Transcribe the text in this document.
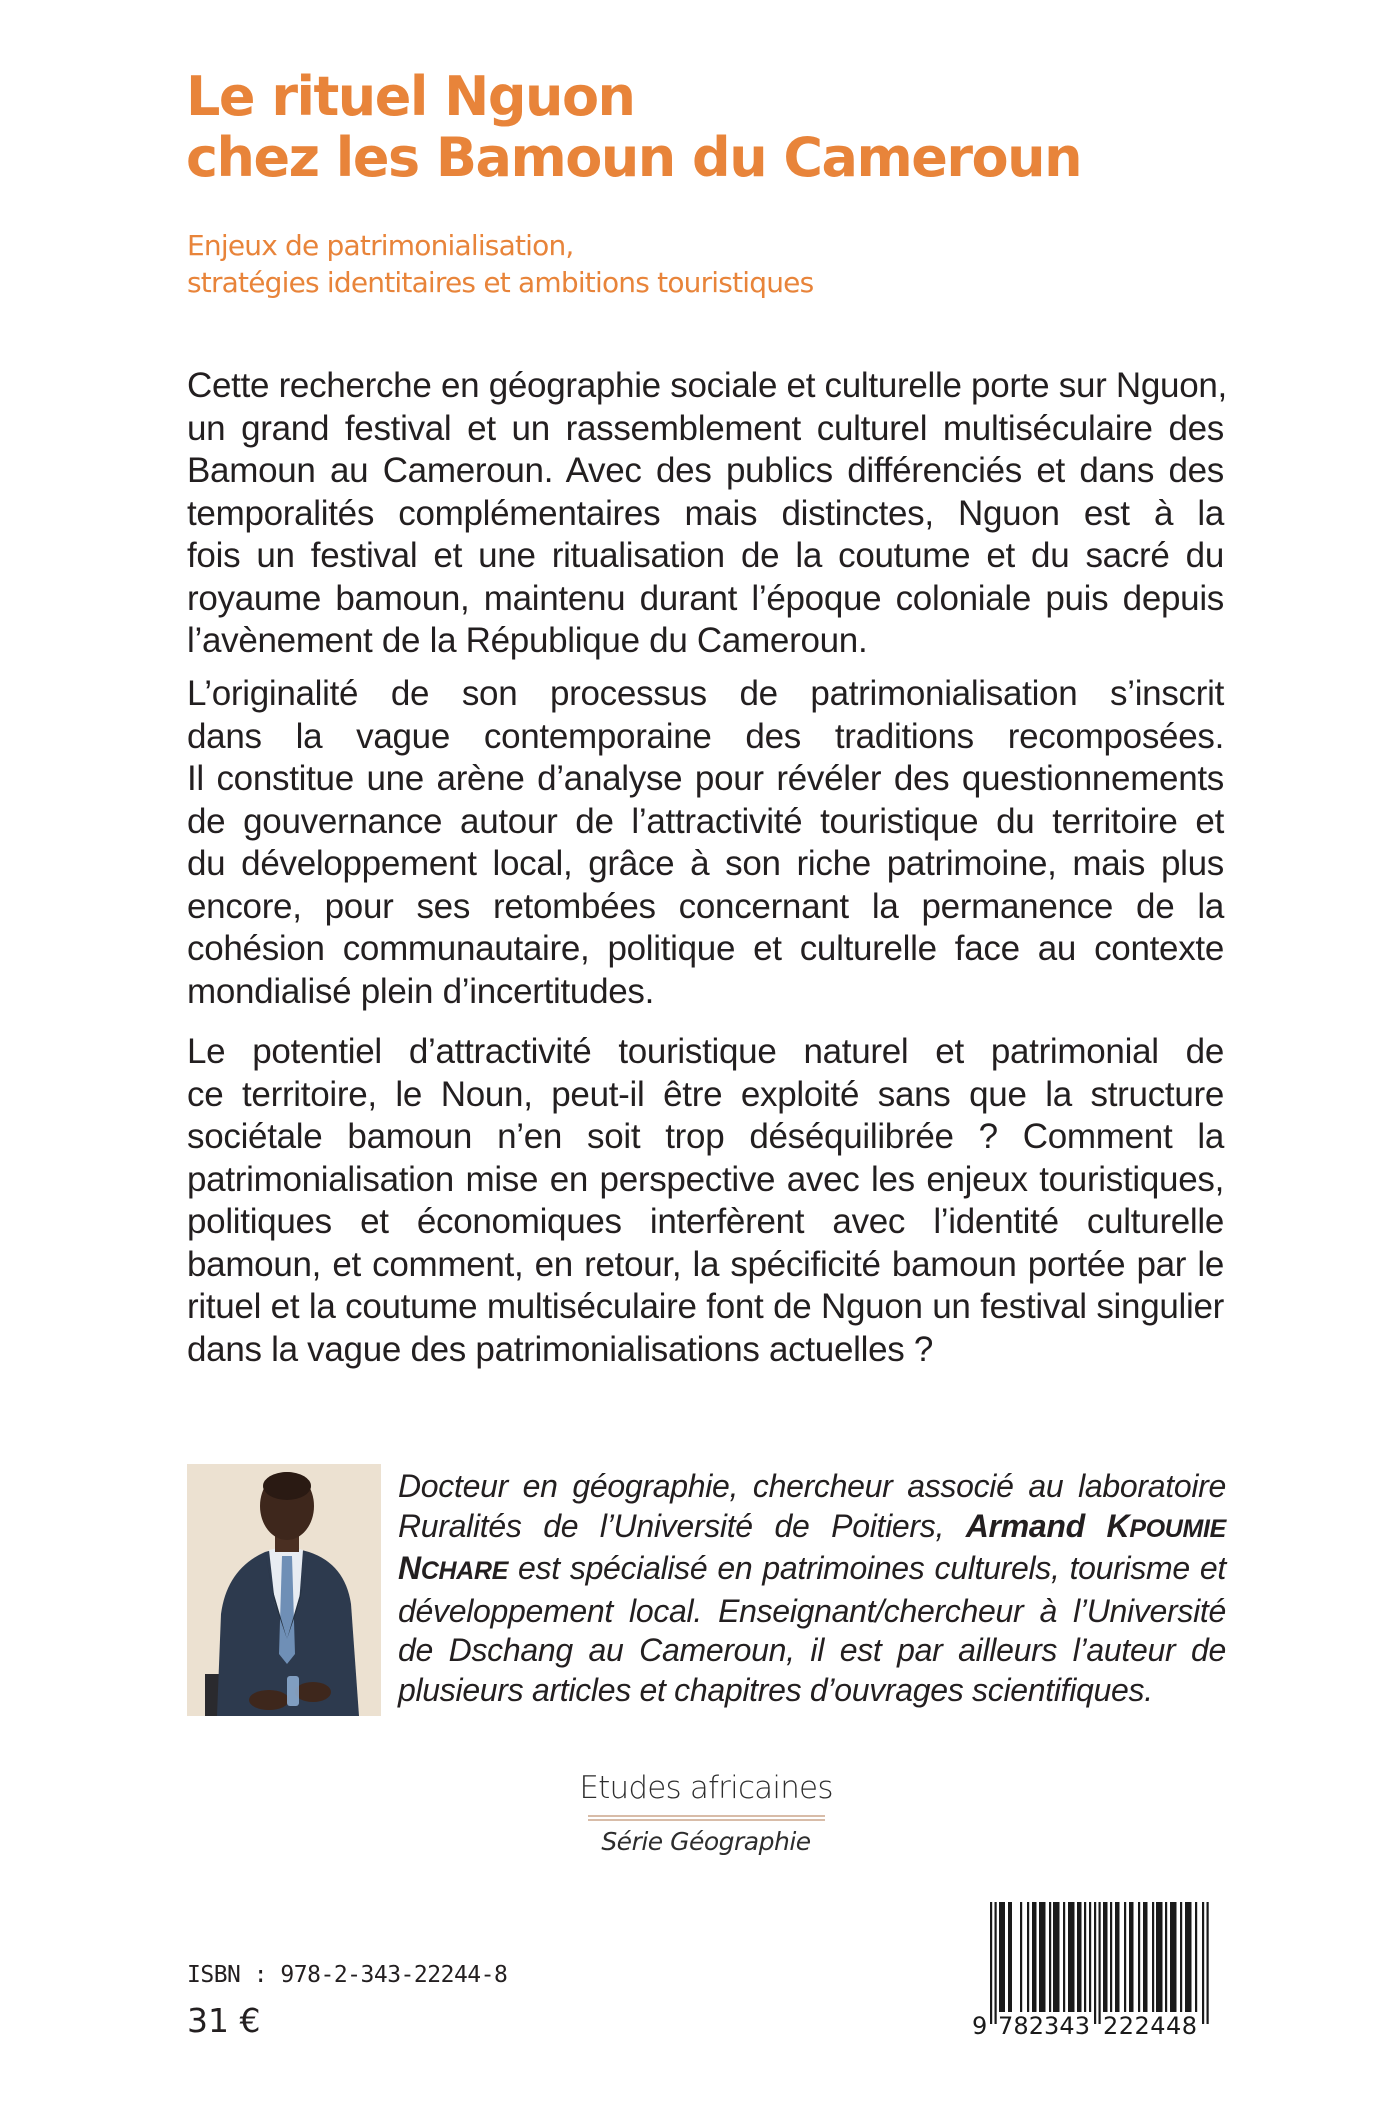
Le rituel Nguon
chez les Bamoun du Cameroun
Enjeux de patrimonialisation,
stratégies identitaires et ambitions touristiques
Cette recherche en géographie sociale et culturelle porte sur Nguon,
un grand festival et un rassemblement culturel multiséculaire des
Bamoun au Cameroun. Avec des publics différenciés et dans des
temporalités complémentaires mais distinctes, Nguon est à la
fois un festival et une ritualisation de la coutume et du sacré du
royaume bamoun, maintenu durant l’époque coloniale puis depuis
l’avènement de la République du Cameroun.
L’originalité de son processus de patrimonialisation s’inscrit
dans la vague contemporaine des traditions recomposées.
Il constitue une arène d’analyse pour révéler des questionnements
de gouvernance autour de l’attractivité touristique du territoire et
du développement local, grâce à son riche patrimoine, mais plus
encore, pour ses retombées concernant la permanence de la
cohésion communautaire, politique et culturelle face au contexte
mondialisé plein d’incertitudes.
Le potentiel d’attractivité touristique naturel et patrimonial de
ce territoire, le Noun, peut-il être exploité sans que la structure
sociétale bamoun n’en soit trop déséquilibrée ? Comment la
patrimonialisation mise en perspective avec les enjeux touristiques,
politiques et économiques interfèrent avec l’identité culturelle
bamoun, et comment, en retour, la spécificité bamoun portée par le
rituel et la coutume multiséculaire font de Nguon un festival singulier
dans la vague des patrimonialisations actuelles ?
Docteur en géographie, chercheur associé au laboratoire
Ruralités de l’Université de Poitiers, Armand KPOUMIE
NCHARE est spécialisé en patrimoines culturels, tourisme et
développement local. Enseignant/chercheur à l’Université
de Dschang au Cameroun, il est par ailleurs l’auteur de
plusieurs articles et chapitres d’ouvrages scientifiques.
Etudes africaines
Série Géographie
ISBN : 978-2-343-22244-8
31 €	9 782343 222448
